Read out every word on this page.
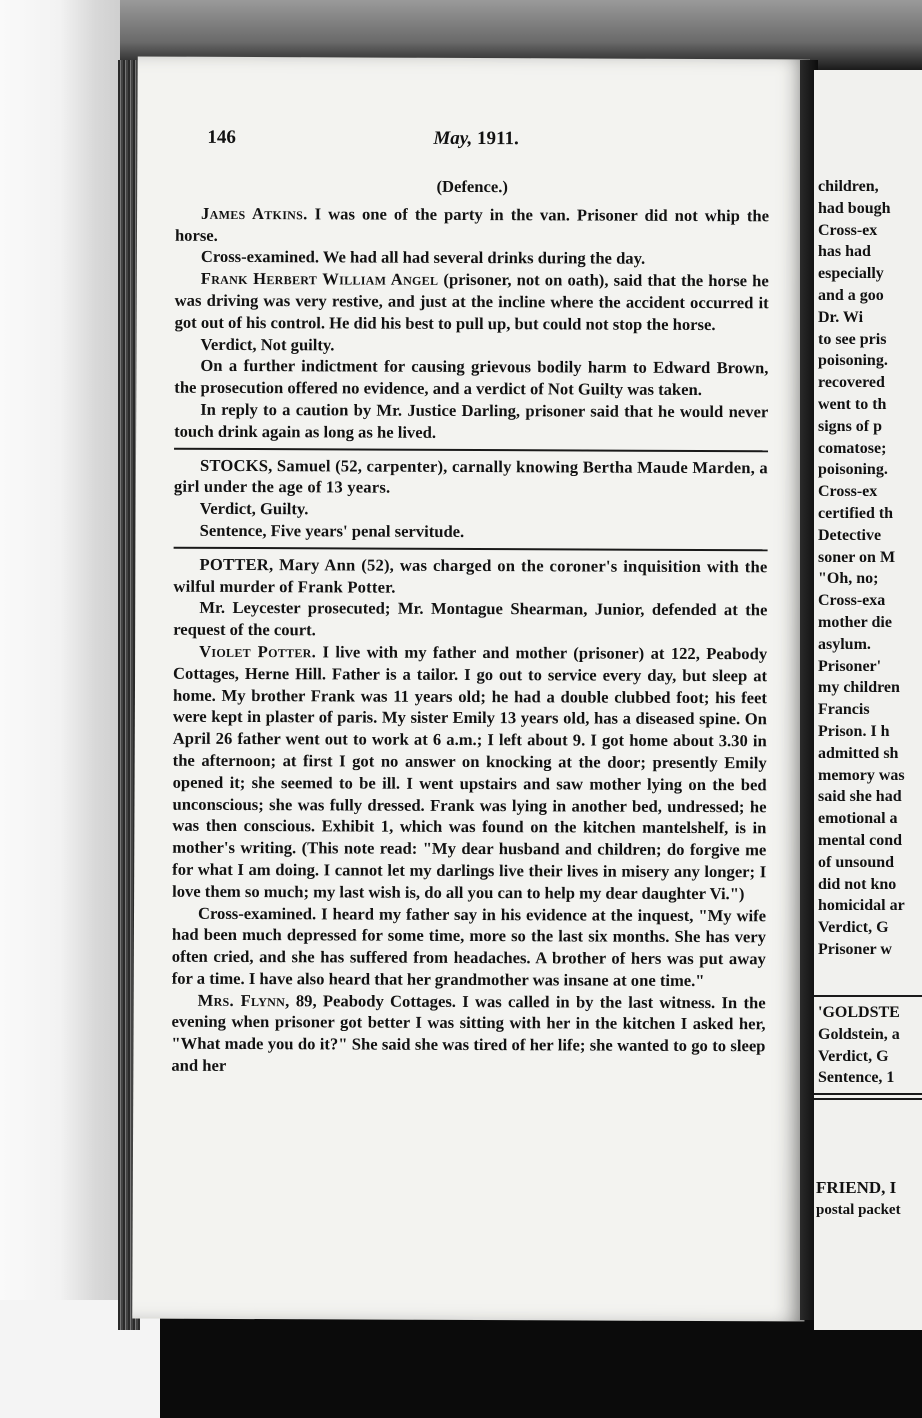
146	May, 1911.

(Defence.)

James Atkins. I was one of the party in the van. Prisoner did not whip the horse.

Cross-examined. We had all had several drinks during the day.

Frank Herbert William Angel (prisoner, not on oath), said that the horse he was driving was very restive, and just at the incline where the accident occurred it got out of his control. He did his best to pull up, but could not stop the horse.

Verdict, Not guilty.

On a further indictment for causing grievous bodily harm to Edward Brown, the prosecution offered no evidence, and a verdict of Not Guilty was taken.

In reply to a caution by Mr. Justice Darling, prisoner said that he would never touch drink again as long as he lived.

STOCKS, Samuel (52, carpenter), carnally knowing Bertha Maude Marden, a girl under the age of 13 years.

Verdict, Guilty.

Sentence, Five years' penal servitude.

POTTER, Mary Ann (52), was charged on the coroner's inquisition with the wilful murder of Frank Potter.

Mr. Leycester prosecuted; Mr. Montague Shearman, Junior, defended at the request of the court.

Violet Potter. I live with my father and mother (prisoner) at 122, Peabody Cottages, Herne Hill. Father is a tailor. I go out to service every day, but sleep at home. My brother Frank was 11 years old; he had a double clubbed foot; his feet were kept in plaster of paris. My sister Emily 13 years old, has a diseased spine. On April 26 father went out to work at 6 a.m.; I left about 9. I got home about 3.30 in the afternoon; at first I got no answer on knocking at the door; presently Emily opened it; she seemed to be ill. I went upstairs and saw mother lying on the bed unconscious; she was fully dressed. Frank was lying in another bed, undressed; he was then conscious. Exhibit 1, which was found on the kitchen mantelshelf, is in mother's writing. (This note read: "My dear husband and children; do forgive me for what I am doing. I cannot let my darlings live their lives in misery any longer; I love them so much; my last wish is, do all you can to help my dear daughter Vi.")

Cross-examined. I heard my father say in his evidence at the inquest, "My wife had been much depressed for some time, more so the last six months. She has very often cried, and she has suffered from headaches. A brother of hers was put away for a time. I have also heard that her grandmother was insane at one time."

Mrs. Flynn, 89, Peabody Cottages. I was called in by the last witness. In the evening when prisoner got better I was sitting with her in the kitchen I asked her, "What made you do it?" She said she was tired of her life; she wanted to go to sleep and her

children,
had bough
Cross-ex
has had
especially
and a goo
Dr. Wi
to see pris
poisoning.
recovered
went to th
signs of p
comatose;
poisoning.
Cross-ex
certified th
Detective
soner on M
"Oh, no;
Cross-exa
mother die
asylum.
Prisoner'
my children
Francis
Prison. I h
admitted sh
memory was
said she had
emotional a
mental cond
of unsound
did not kno
homicidal ar
Verdict, G
Prisoner w
'GOLDSTE
Goldstein, a
Verdict, G
Sentence, 1
FRIEND, I
postal packet
